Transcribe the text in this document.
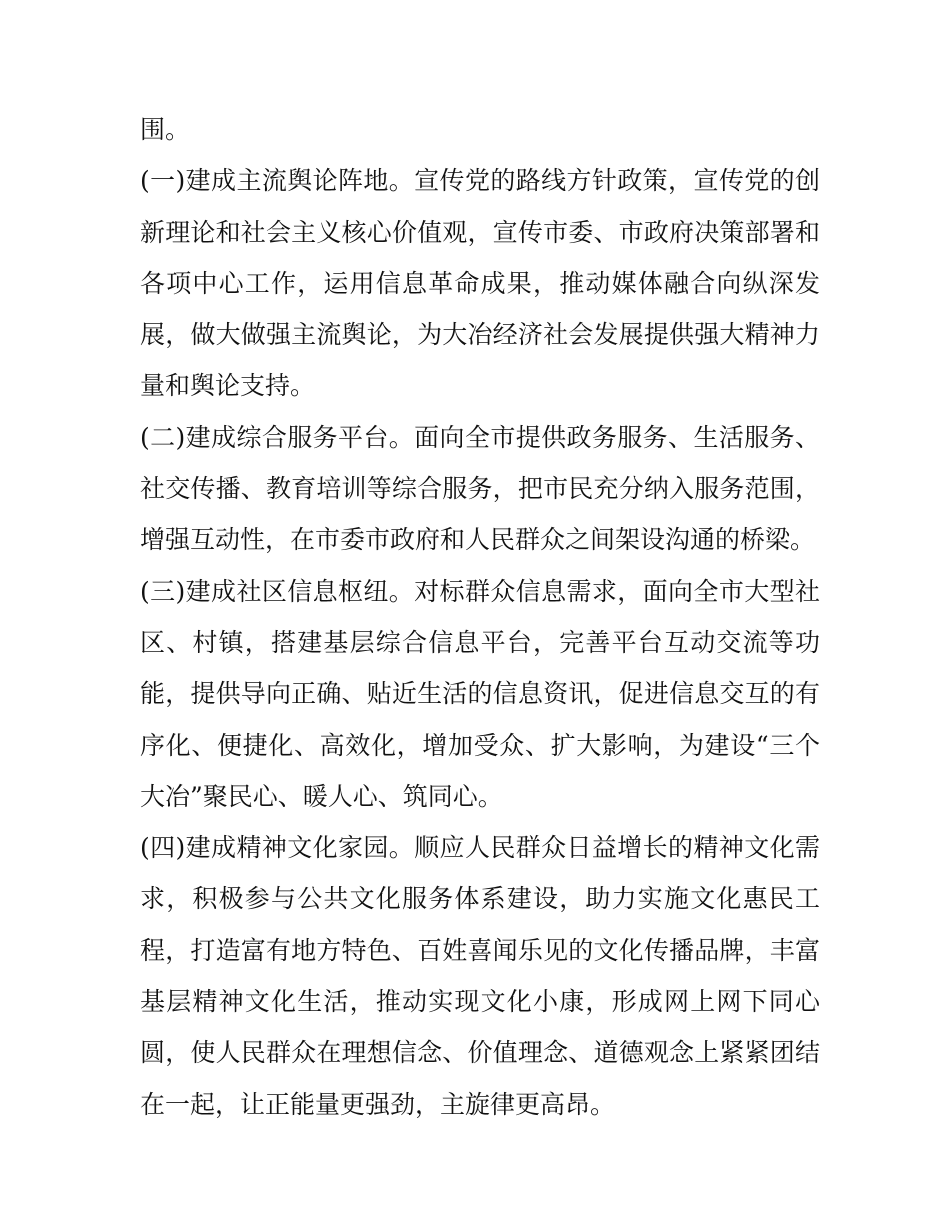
围。

(一)建成主流舆论阵地。宣传党的路线方针政策，宣传党的创新理论和社会主义核心价值观，宣传市委、市政府决策部署和各项中心工作，运用信息革命成果，推动媒体融合向纵深发展，做大做强主流舆论，为大冶经济社会发展提供强大精神力量和舆论支持。

(二)建成综合服务平台。面向全市提供政务服务、生活服务、社交传播、教育培训等综合服务，把市民充分纳入服务范围，增强互动性，在市委市政府和人民群众之间架设沟通的桥梁。

(三)建成社区信息枢纽。对标群众信息需求，面向全市大型社区、村镇，搭建基层综合信息平台，完善平台互动交流等功能，提供导向正确、贴近生活的信息资讯，促进信息交互的有序化、便捷化、高效化，增加受众、扩大影响，为建设“三个大冶”聚民心、暖人心、筑同心。

(四)建成精神文化家园。顺应人民群众日益增长的精神文化需求，积极参与公共文化服务体系建设，助力实施文化惠民工程，打造富有地方特色、百姓喜闻乐见的文化传播品牌，丰富基层精神文化生活，推动实现文化小康，形成网上网下同心圆，使人民群众在理想信念、价值理念、道德观念上紧紧团结在一起，让正能量更强劲，主旋律更高昂。
